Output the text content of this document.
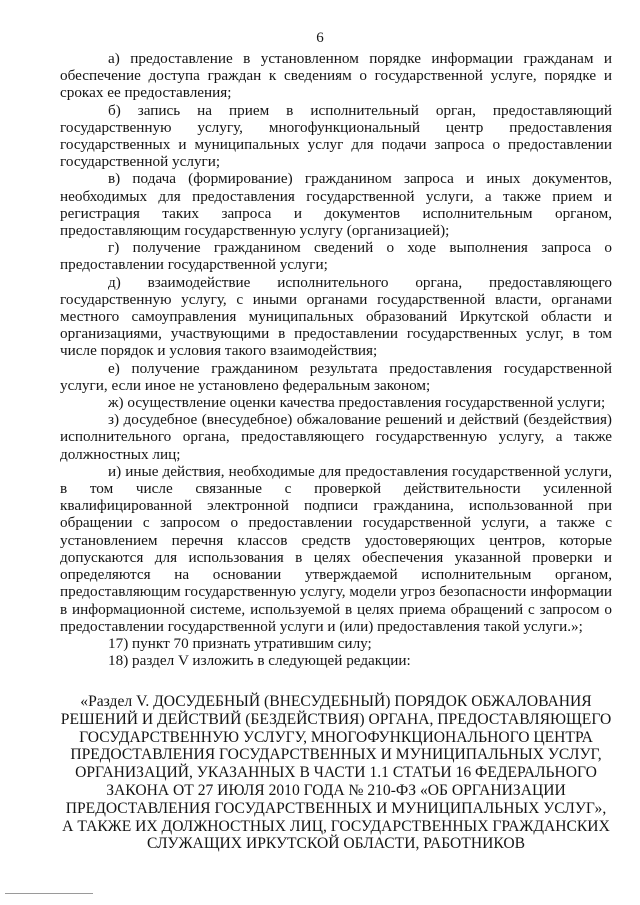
6

а) предоставление в установленном порядке информации гражданам и обеспечение доступа граждан к сведениям о государственной услуге, порядке и сроках ее предоставления;

б) запись на прием в исполнительный орган, предоставляющий государственную услугу, многофункциональный центр предоставления государственных и муниципальных услуг для подачи запроса о предоставлении государственной услуги;

в) подача (формирование) гражданином запроса и иных документов, необходимых для предоставления государственной услуги, а также прием и регистрация таких запроса и документов исполнительным органом, предоставляющим государственную услугу (организацией);

г) получение гражданином сведений о ходе выполнения запроса о предоставлении государственной услуги;

д) взаимодействие исполнительного органа, предоставляющего государственную услугу, с иными органами государственной власти, органами местного самоуправления муниципальных образований Иркутской области и организациями, участвующими в предоставлении государственных услуг, в том числе порядок и условия такого взаимодействия;

е) получение гражданином результата предоставления государственной услуги, если иное не установлено федеральным законом;

ж) осуществление оценки качества предоставления государственной услуги;

з) досудебное (внесудебное) обжалование решений и действий (бездействия) исполнительного органа, предоставляющего государственную услугу, а также должностных лиц;

и) иные действия, необходимые для предоставления государственной услуги, в том числе связанные с проверкой действительности усиленной квалифицированной электронной подписи гражданина, использованной при обращении с запросом о предоставлении государственной услуги, а также с установлением перечня классов средств удостоверяющих центров, которые допускаются для использования в целях обеспечения указанной проверки и определяются на основании утверждаемой исполнительным органом, предоставляющим государственную услугу, модели угроз безопасности информации в информационной системе, используемой в целях приема обращений с запросом о предоставлении государственной услуги и (или) предоставления такой услуги.»;

17) пункт 70 признать утратившим силу;

18) раздел V изложить в следующей редакции:

«Раздел V. ДОСУДЕБНЫЙ (ВНЕСУДЕБНЫЙ) ПОРЯДОК ОБЖАЛОВАНИЯ РЕШЕНИЙ И ДЕЙСТВИЙ (БЕЗДЕЙСТВИЯ) ОРГАНА, ПРЕДОСТАВЛЯЮЩЕГО ГОСУДАРСТВЕННУЮ УСЛУГУ, МНОГОФУНКЦИОНАЛЬНОГО ЦЕНТРА ПРЕДОСТАВЛЕНИЯ ГОСУДАРСТВЕННЫХ И МУНИЦИПАЛЬНЫХ УСЛУГ, ОРГАНИЗАЦИЙ, УКАЗАННЫХ В ЧАСТИ 1.1 СТАТЬИ 16 ФЕДЕРАЛЬНОГО ЗАКОНА ОТ 27 ИЮЛЯ 2010 ГОДА № 210-ФЗ «ОБ ОРГАНИЗАЦИИ ПРЕДОСТАВЛЕНИЯ ГОСУДАРСТВЕННЫХ И МУНИЦИПАЛЬНЫХ УСЛУГ», А ТАКЖЕ ИХ ДОЛЖНОСТНЫХ ЛИЦ, ГОСУДАРСТВЕННЫХ ГРАЖДАНСКИХ СЛУЖАЩИХ ИРКУТСКОЙ ОБЛАСТИ, РАБОТНИКОВ
